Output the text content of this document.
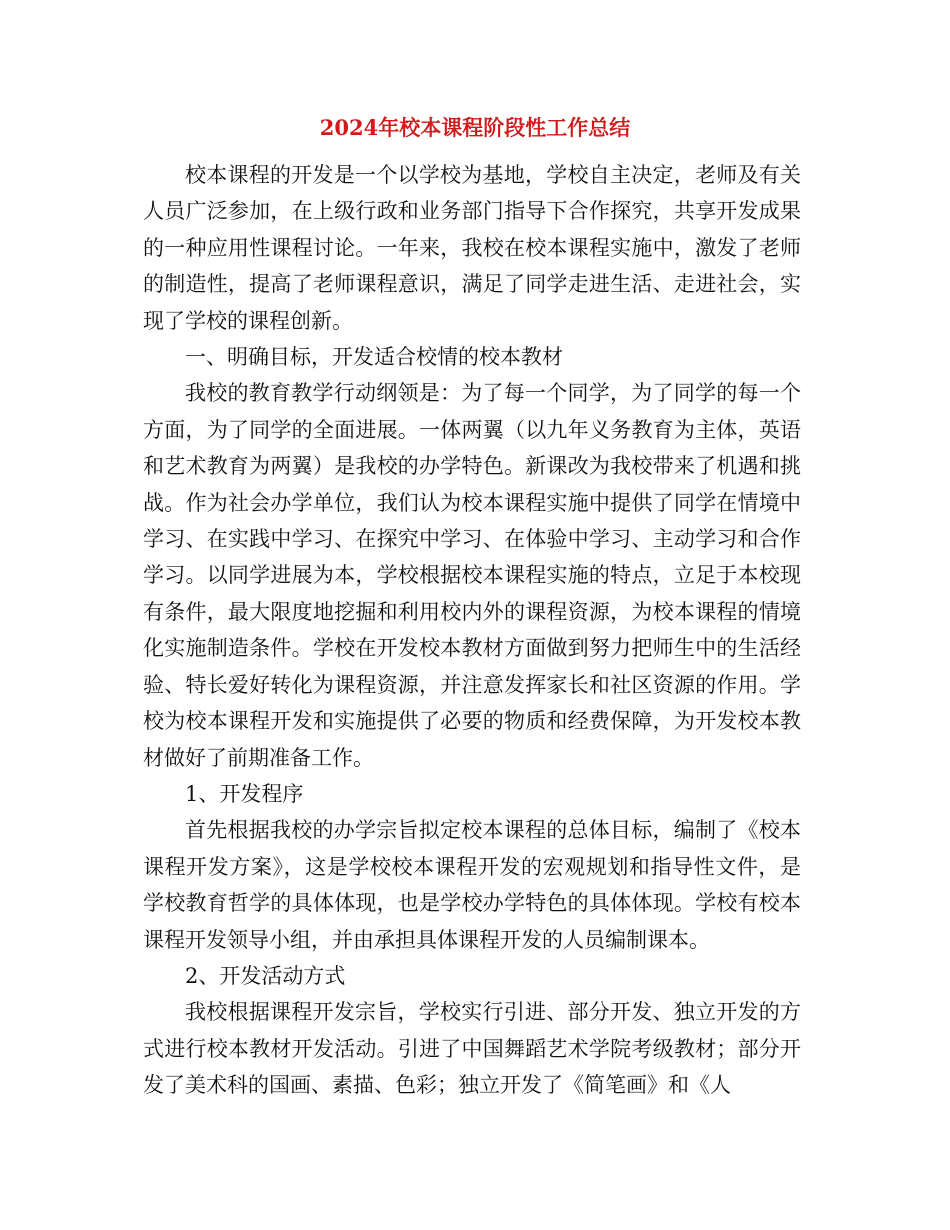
2024年校本课程阶段性工作总结

校本课程的开发是一个以学校为基地，学校自主决定，老师及有关人员广泛参加，在上级行政和业务部门指导下合作探究，共享开发成果的一种应用性课程讨论。一年来，我校在校本课程实施中，激发了老师的制造性，提高了老师课程意识，满足了同学走进生活、走进社会，实现了学校的课程创新。

一、明确目标，开发适合校情的校本教材

我校的教育教学行动纲领是：为了每一个同学，为了同学的每一个方面，为了同学的全面进展。一体两翼（以九年义务教育为主体，英语和艺术教育为两翼）是我校的办学特色。新课改为我校带来了机遇和挑战。作为社会办学单位，我们认为校本课程实施中提供了同学在情境中学习、在实践中学习、在探究中学习、在体验中学习、主动学习和合作学习。以同学进展为本，学校根据校本课程实施的特点，立足于本校现有条件，最大限度地挖掘和利用校内外的课程资源，为校本课程的情境化实施制造条件。学校在开发校本教材方面做到努力把师生中的生活经验、特长爱好转化为课程资源，并注意发挥家长和社区资源的作用。学校为校本课程开发和实施提供了必要的物质和经费保障，为开发校本教材做好了前期准备工作。

1、开发程序

首先根据我校的办学宗旨拟定校本课程的总体目标，编制了《校本课程开发方案》，这是学校校本课程开发的宏观规划和指导性文件，是学校教育哲学的具体体现，也是学校办学特色的具体体现。学校有校本课程开发领导小组，并由承担具体课程开发的人员编制课本。

2、开发活动方式

我校根据课程开发宗旨，学校实行引进、部分开发、独立开发的方式进行校本教材开发活动。引进了中国舞蹈艺术学院考级教材；部分开发了美术科的国画、素描、色彩；独立开发了《简笔画》和《人
